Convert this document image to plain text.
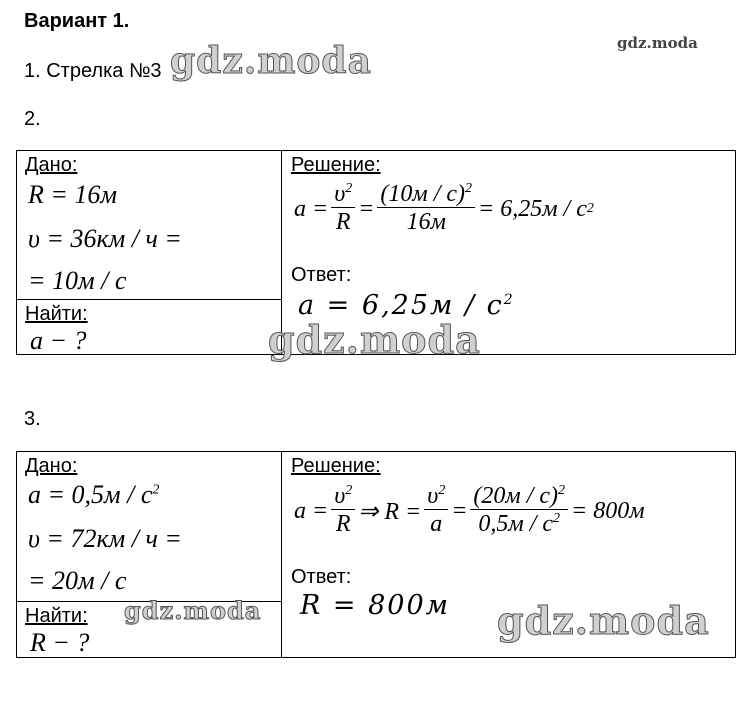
Вариант 1.
gdz.moda
1. Стрелка №3 gdz.moda
2.
Дано:
R = 16м
υ = 36км / ч =
= 10м / с
Найти:
a − ?
Решение:
$a = \frac{\upsilon^2}{R} = \frac{(10м / с)^2}{16м} = 6,25м / с$ 2
Ответ:
$a = 6,25м / с^2$
gdz.moda
3.
Дано:
$a = 0,5м / с^2$
υ = 72км / ч =
= 20м / с
Найти: gdz.moda
R − ?
Решение:
$a = \frac{\upsilon^2}{R}$ ⇒ $R = \frac{\upsilon^2}{a} = \frac{(20м / с)^2}{0,5м / с^2} = 800м$
Ответ:
R = 800м gdz.moda
